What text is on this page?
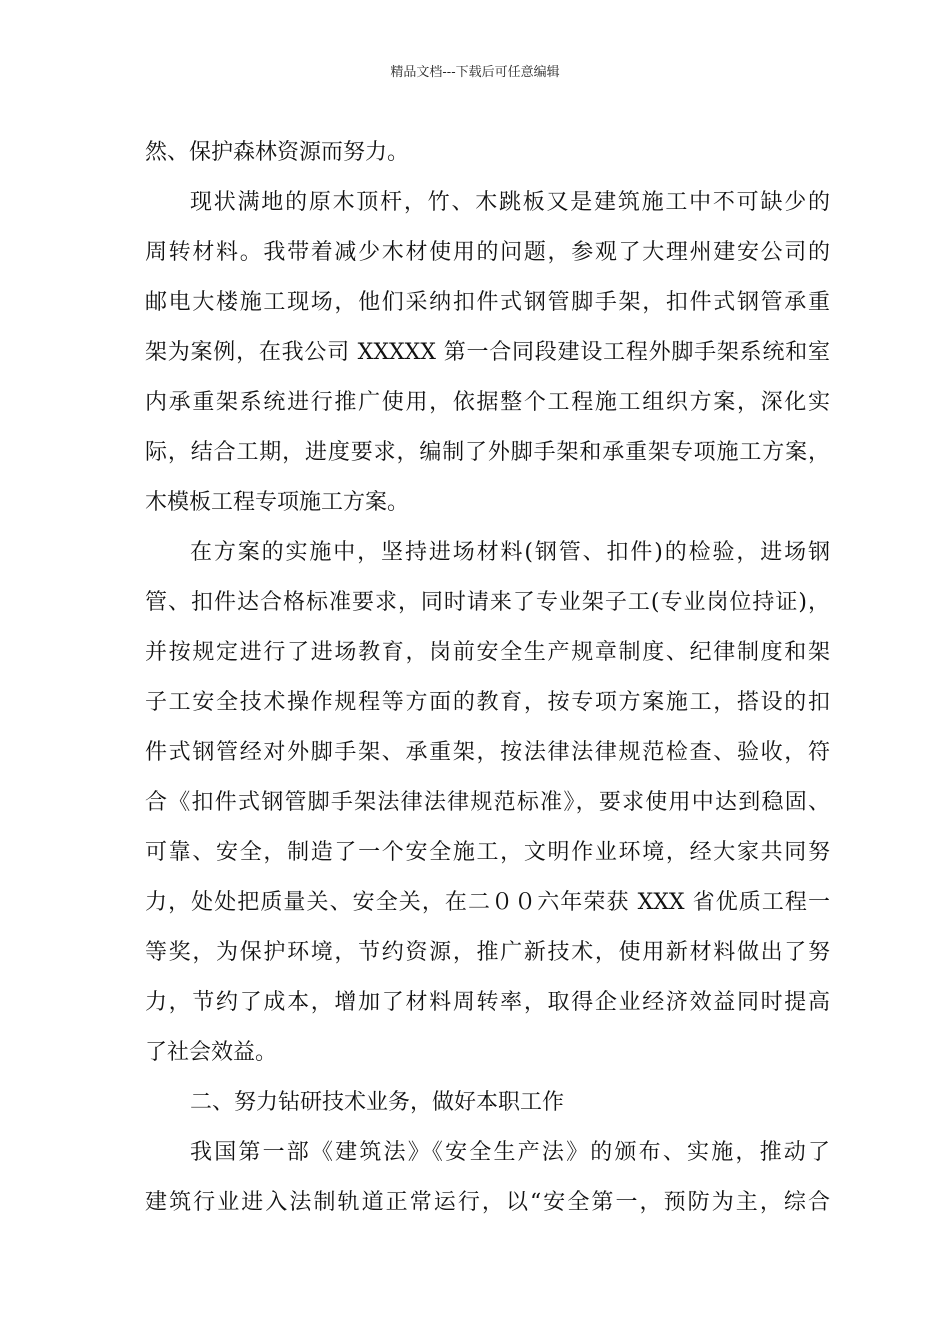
精品文档---下载后可任意编辑
然、保护森林资源而努力。
现状满地的原木顶杆，竹、木跳板又是建筑施工中不可缺少的
周转材料。我带着减少木材使用的问题，参观了大理州建安公司的
邮电大楼施工现场，他们采纳扣件式钢管脚手架，扣件式钢管承重
架为案例，在我公司 XXXXX 第一合同段建设工程外脚手架系统和室
内承重架系统进行推广使用，依据整个工程施工组织方案，深化实
际，结合工期，进度要求，编制了外脚手架和承重架专项施工方案，
木模板工程专项施工方案。
在方案的实施中，坚持进场材料(钢管、扣件)的检验，进场钢
管、扣件达合格标准要求，同时请来了专业架子工(专业岗位持证)，
并按规定进行了进场教育，岗前安全生产规章制度、纪律制度和架
子工安全技术操作规程等方面的教育，按专项方案施工，搭设的扣
件式钢管经对外脚手架、承重架，按法律法律规范检查、验收，符
合《扣件式钢管脚手架法律法律规范标准》，要求使用中达到稳固、
可靠、安全，制造了一个安全施工，文明作业环境，经大家共同努
力，处处把质量关、安全关，在二００六年荣获 XXX 省优质工程一
等奖，为保护环境，节约资源，推广新技术，使用新材料做出了努
力，节约了成本，增加了材料周转率，取得企业经济效益同时提高
了社会效益。
二、努力钻研技术业务，做好本职工作
我国第一部《建筑法》《安全生产法》的颁布、实施，推动了
建筑行业进入法制轨道正常运行，以“安全第一，预防为主，综合
